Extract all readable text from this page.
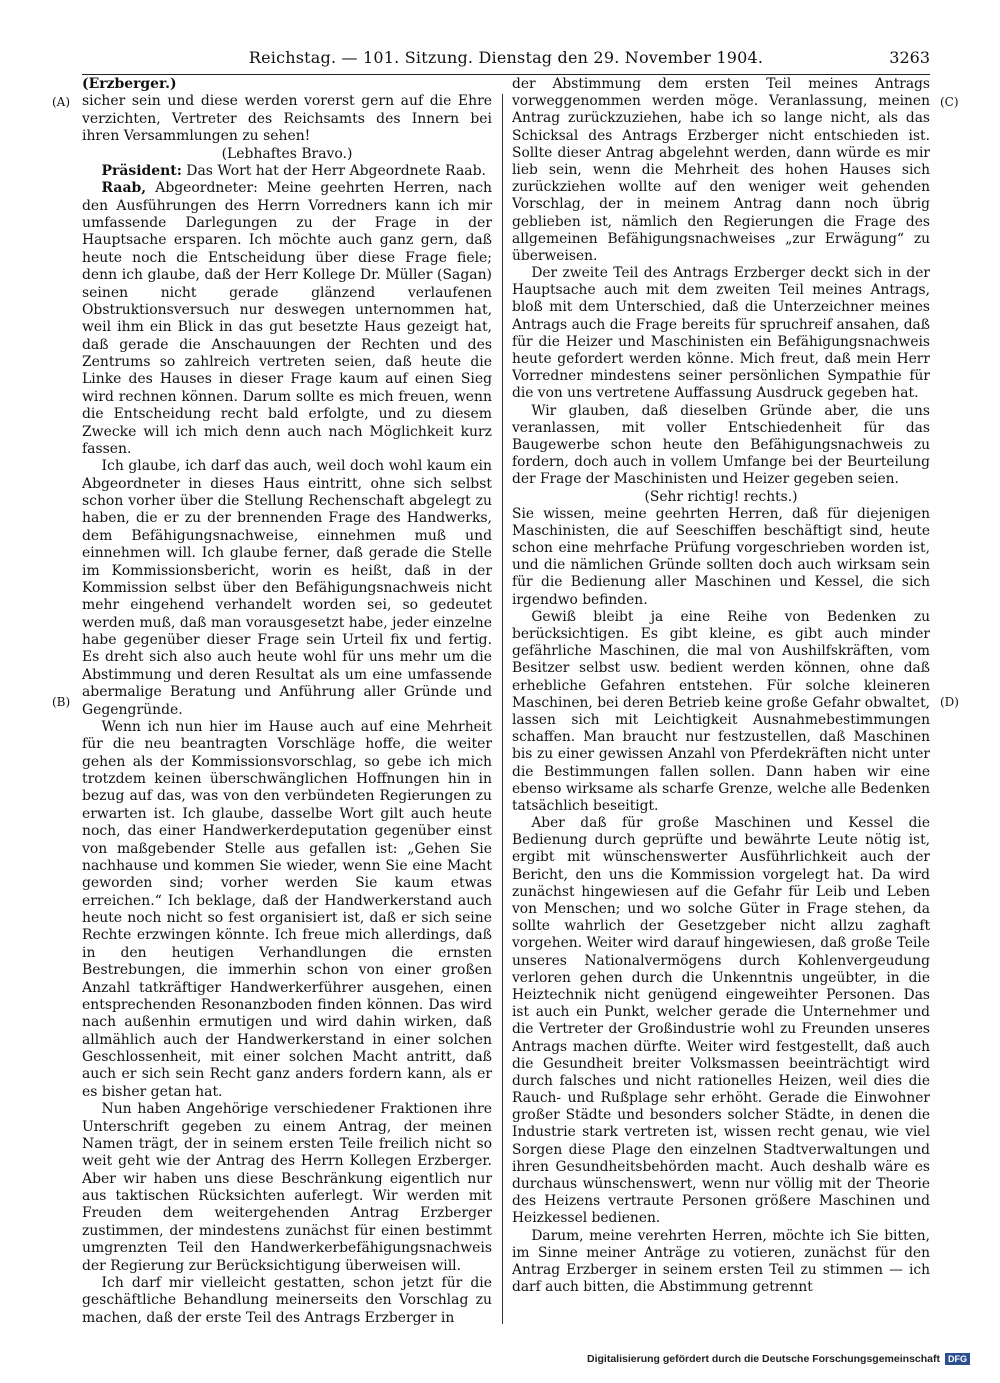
Reichstag. — 101. Sitzung. Dienstag den 29. November 1904.	3263
(A)
(B)
(C)
(D)

(Erzberger.)

sicher sein und diese werden vorerst gern auf die Ehre verzichten, Vertreter des Reichsamts des Innern bei ihren Versammlungen zu sehen!

(Lebhaftes Bravo.)

Präsident: Das Wort hat der Herr Abgeordnete Raab.

Raab, Abgeordneter: Meine geehrten Herren, nach den Ausführungen des Herrn Vorredners kann ich mir umfassende Darlegungen zu der Frage in der Hauptsache ersparen. Ich möchte auch ganz gern, daß heute noch die Entscheidung über diese Frage fiele; denn ich glaube, daß der Herr Kollege Dr. Müller (Sagan) seinen nicht gerade glänzend verlaufenen Obstruktionsversuch nur deswegen unternommen hat, weil ihm ein Blick in das gut besetzte Haus gezeigt hat, daß gerade die Anschauungen der Rechten und des Zentrums so zahlreich vertreten seien, daß heute die Linke des Hauses in dieser Frage kaum auf einen Sieg wird rechnen können. Darum sollte es mich freuen, wenn die Entscheidung recht bald erfolgte, und zu diesem Zwecke will ich mich denn auch nach Möglichkeit kurz fassen.

Ich glaube, ich darf das auch, weil doch wohl kaum ein Abgeordneter in dieses Haus eintritt, ohne sich selbst schon vorher über die Stellung Rechenschaft abgelegt zu haben, die er zu der brennenden Frage des Handwerks, dem Befähigungsnachweise, einnehmen muß und einnehmen will. Ich glaube ferner, daß gerade die Stelle im Kommissionsbericht, worin es heißt, daß in der Kommission selbst über den Befähigungsnachweis nicht mehr eingehend verhandelt worden sei, so gedeutet werden muß, daß man vorausgesetzt habe, jeder einzelne habe gegenüber dieser Frage sein Urteil fix und fertig. Es dreht sich also auch heute wohl für uns mehr um die Abstimmung und deren Resultat als um eine umfassende abermalige Beratung und Anführung aller Gründe und Gegengründe.

Wenn ich nun hier im Hause auch auf eine Mehrheit für die neu beantragten Vorschläge hoffe, die weiter gehen als der Kommissionsvorschlag, so gebe ich mich trotzdem keinen überschwänglichen Hoffnungen hin in bezug auf das, was von den verbündeten Regierungen zu erwarten ist. Ich glaube, dasselbe Wort gilt auch heute noch, das einer Handwerkerdeputation gegenüber einst von maßgebender Stelle aus gefallen ist: „Gehen Sie nachhause und kommen Sie wieder, wenn Sie eine Macht geworden sind; vorher werden Sie kaum etwas erreichen.“ Ich beklage, daß der Handwerkerstand auch heute noch nicht so fest organisiert ist, daß er sich seine Rechte erzwingen könnte. Ich freue mich allerdings, daß in den heutigen Verhandlungen die ernsten Bestrebungen, die immerhin schon von einer großen Anzahl tatkräftiger Handwerkerführer ausgehen, einen entsprechenden Resonanzboden finden können. Das wird nach außenhin ermutigen und wird dahin wirken, daß allmählich auch der Handwerkerstand in einer solchen Geschlossenheit, mit einer solchen Macht antritt, daß auch er sich sein Recht ganz anders fordern kann, als er es bisher getan hat.

Nun haben Angehörige verschiedener Fraktionen ihre Unterschrift gegeben zu einem Antrag, der meinen Namen trägt, der in seinem ersten Teile freilich nicht so weit geht wie der Antrag des Herrn Kollegen Erzberger. Aber wir haben uns diese Beschränkung eigentlich nur aus taktischen Rücksichten auferlegt. Wir werden mit Freuden dem weitergehenden Antrag Erzberger zustimmen, der mindestens zunächst für einen bestimmt umgrenzten Teil den Handwerkerbefähigungsnachweis der Regierung zur Berücksichtigung überweisen will.

Ich darf mir vielleicht gestatten, schon jetzt für die geschäftliche Behandlung meinerseits den Vorschlag zu machen, daß der erste Teil des Antrags Erzberger in

der Abstimmung dem ersten Teil meines Antrags vorweggenommen werden möge. Veranlassung, meinen Antrag zurückzuziehen, habe ich so lange nicht, als das Schicksal des Antrags Erzberger nicht entschieden ist. Sollte dieser Antrag abgelehnt werden, dann würde es mir lieb sein, wenn die Mehrheit des hohen Hauses sich zurückziehen wollte auf den weniger weit gehenden Vorschlag, der in meinem Antrag dann noch übrig geblieben ist, nämlich den Regierungen die Frage des allgemeinen Befähigungsnachweises „zur Erwägung“ zu überweisen.

Der zweite Teil des Antrags Erzberger deckt sich in der Hauptsache auch mit dem zweiten Teil meines Antrags, bloß mit dem Unterschied, daß die Unterzeichner meines Antrags auch die Frage bereits für spruchreif ansahen, daß für die Heizer und Maschinisten ein Befähigungsnachweis heute gefordert werden könne. Mich freut, daß mein Herr Vorredner mindestens seiner persönlichen Sympathie für die von uns vertretene Auffassung Ausdruck gegeben hat.

Wir glauben, daß dieselben Gründe aber, die uns veranlassen, mit voller Entschiedenheit für das Baugewerbe schon heute den Befähigungsnachweis zu fordern, doch auch in vollem Umfange bei der Beurteilung der Frage der Maschinisten und Heizer gegeben seien.

(Sehr richtig! rechts.)

Sie wissen, meine geehrten Herren, daß für diejenigen Maschinisten, die auf Seeschiffen beschäftigt sind, heute schon eine mehrfache Prüfung vorgeschrieben worden ist, und die nämlichen Gründe sollten doch auch wirksam sein für die Bedienung aller Maschinen und Kessel, die sich irgendwo befinden.

Gewiß bleibt ja eine Reihe von Bedenken zu berücksichtigen. Es gibt kleine, es gibt auch minder gefährliche Maschinen, die mal von Aushilfskräften, vom Besitzer selbst usw. bedient werden können, ohne daß erhebliche Gefahren entstehen. Für solche kleineren Maschinen, bei deren Betrieb keine große Gefahr obwaltet, lassen sich mit Leichtigkeit Ausnahmebestimmungen schaffen. Man braucht nur festzustellen, daß Maschinen bis zu einer gewissen Anzahl von Pferdekräften nicht unter die Bestimmungen fallen sollen. Dann haben wir eine ebenso wirksame als scharfe Grenze, welche alle Bedenken tatsächlich beseitigt.

Aber daß für große Maschinen und Kessel die Bedienung durch geprüfte und bewährte Leute nötig ist, ergibt mit wünschenswerter Ausführlichkeit auch der Bericht, den uns die Kommission vorgelegt hat. Da wird zunächst hingewiesen auf die Gefahr für Leib und Leben von Menschen; und wo solche Güter in Frage stehen, da sollte wahrlich der Gesetzgeber nicht allzu zaghaft vorgehen. Weiter wird darauf hingewiesen, daß große Teile unseres Nationalvermögens durch Kohlenvergeudung verloren gehen durch die Unkenntnis ungeübter, in die Heiztechnik nicht genügend eingeweihter Personen. Das ist auch ein Punkt, welcher gerade die Unternehmer und die Vertreter der Großindustrie wohl zu Freunden unseres Antrags machen dürfte. Weiter wird festgestellt, daß auch die Gesundheit breiter Volksmassen beeinträchtigt wird durch falsches und nicht rationelles Heizen, weil dies die Rauch- und Rußplage sehr erhöht. Gerade die Einwohner großer Städte und besonders solcher Städte, in denen die Industrie stark vertreten ist, wissen recht genau, wie viel Sorgen diese Plage den einzelnen Stadtverwaltungen und ihren Gesundheitsbehörden macht. Auch deshalb wäre es durchaus wünschenswert, wenn nur völlig mit der Theorie des Heizens vertraute Personen größere Maschinen und Heizkessel bedienen.

Darum, meine verehrten Herren, möchte ich Sie bitten, im Sinne meiner Anträge zu votieren, zunächst für den Antrag Erzberger in seinem ersten Teil zu stimmen — ich darf auch bitten, die Abstimmung getrennt

Digitalisierung gefördert durch die Deutsche Forschungsgemeinschaft DFG
